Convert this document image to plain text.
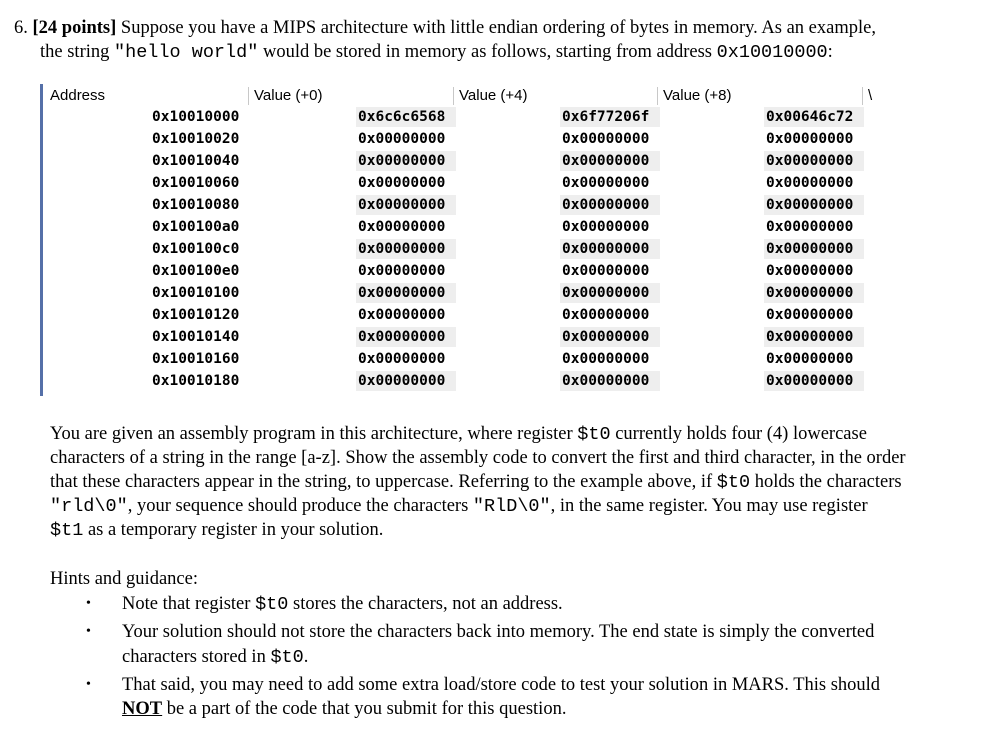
6. [24 points] Suppose you have a MIPS architecture with little endian ordering of bytes in memory. As an example,

the string "hello world" would be stored in memory as follows, starting from address 0x10010000:

Address	Value (+0)	Value (+4)	Value (+8)	\
0x10010000	0x6c6c6568	0x6f77206f	0x00646c72
0x10010020	0x00000000	0x00000000	0x00000000
0x10010040	0x00000000	0x00000000	0x00000000
0x10010060	0x00000000	0x00000000	0x00000000
0x10010080	0x00000000	0x00000000	0x00000000
0x100100a0	0x00000000	0x00000000	0x00000000
0x100100c0	0x00000000	0x00000000	0x00000000
0x100100e0	0x00000000	0x00000000	0x00000000
0x10010100	0x00000000	0x00000000	0x00000000
0x10010120	0x00000000	0x00000000	0x00000000
0x10010140	0x00000000	0x00000000	0x00000000
0x10010160	0x00000000	0x00000000	0x00000000
0x10010180	0x00000000	0x00000000	0x00000000
You are given an assembly program in this architecture, where register $t0 currently holds four (4) lowercase
characters of a string in the range [a-z]. Show the assembly code to convert the first and third character, in the order
that these characters appear in the string, to uppercase. Referring to the example above, if $t0 holds the characters
"rld\0", your sequence should produce the characters "RlD\0", in the same register. You may use register
$t1 as a temporary register in your solution.
Hints and guidance:
•	Note that register $t0 stores the characters, not an address.
•	Your solution should not store the characters back into memory. The end state is simply the converted
characters stored in $t0.
•	That said, you may need to add some extra load/store code to test your solution in MARS. This should
NOT be a part of the code that you submit for this question.
